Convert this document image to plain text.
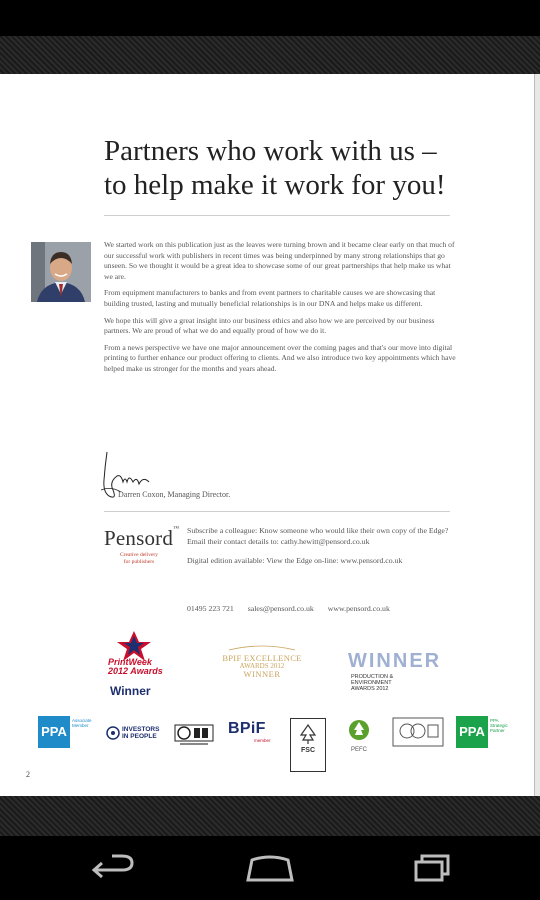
Partners who work with us –
to help make it work for you!

We started work on this publication just as the leaves were turning brown and it became clear early on that much of our successful work with publishers in recent times was being underpinned by many strong relationships that go unseen. So we thought it would be a great idea to showcase some of our great partnerships that help make us what we are.

From equipment manufacturers to banks and from event partners to charitable causes we are showcasing that building trusted, lasting and mutually beneficial relationships is in our DNA and helps make us different.

We hope this will give a great insight into our business ethics and also how we are perceived by our business partners. We are proud of what we do and equally proud of how we do it.

From a news perspective we have one major announcement over the coming pages and that's our move into digital printing to further enhance our product offering to clients. And we also introduce two key appointments which have helped make us stronger for the months and years ahead.

Darren Coxon, Managing Director.
Pensord™
Creative delivery
for publishers

Subscribe a colleague: Know someone who would like their own copy of the Edge? Email their contact details to: cathy.hewitt@pensord.co.uk

Digital edition available: View the Edge on-line: www.pensord.co.uk

01495 223 721 sales@pensord.co.uk www.pensord.co.uk
PrintWeek
2012 Awards
Winner
BPIF EXCELLENCE
AWARDS 2012
WINNER
WINNER
PRODUCTION &
ENVIRONMENT
AWARDS 2012
PPA
Associate
Member
INVESTORS
IN PEOPLE	BPiF
member
FSC	PEFC
PPA
PPA
Strategic
Partner
2
